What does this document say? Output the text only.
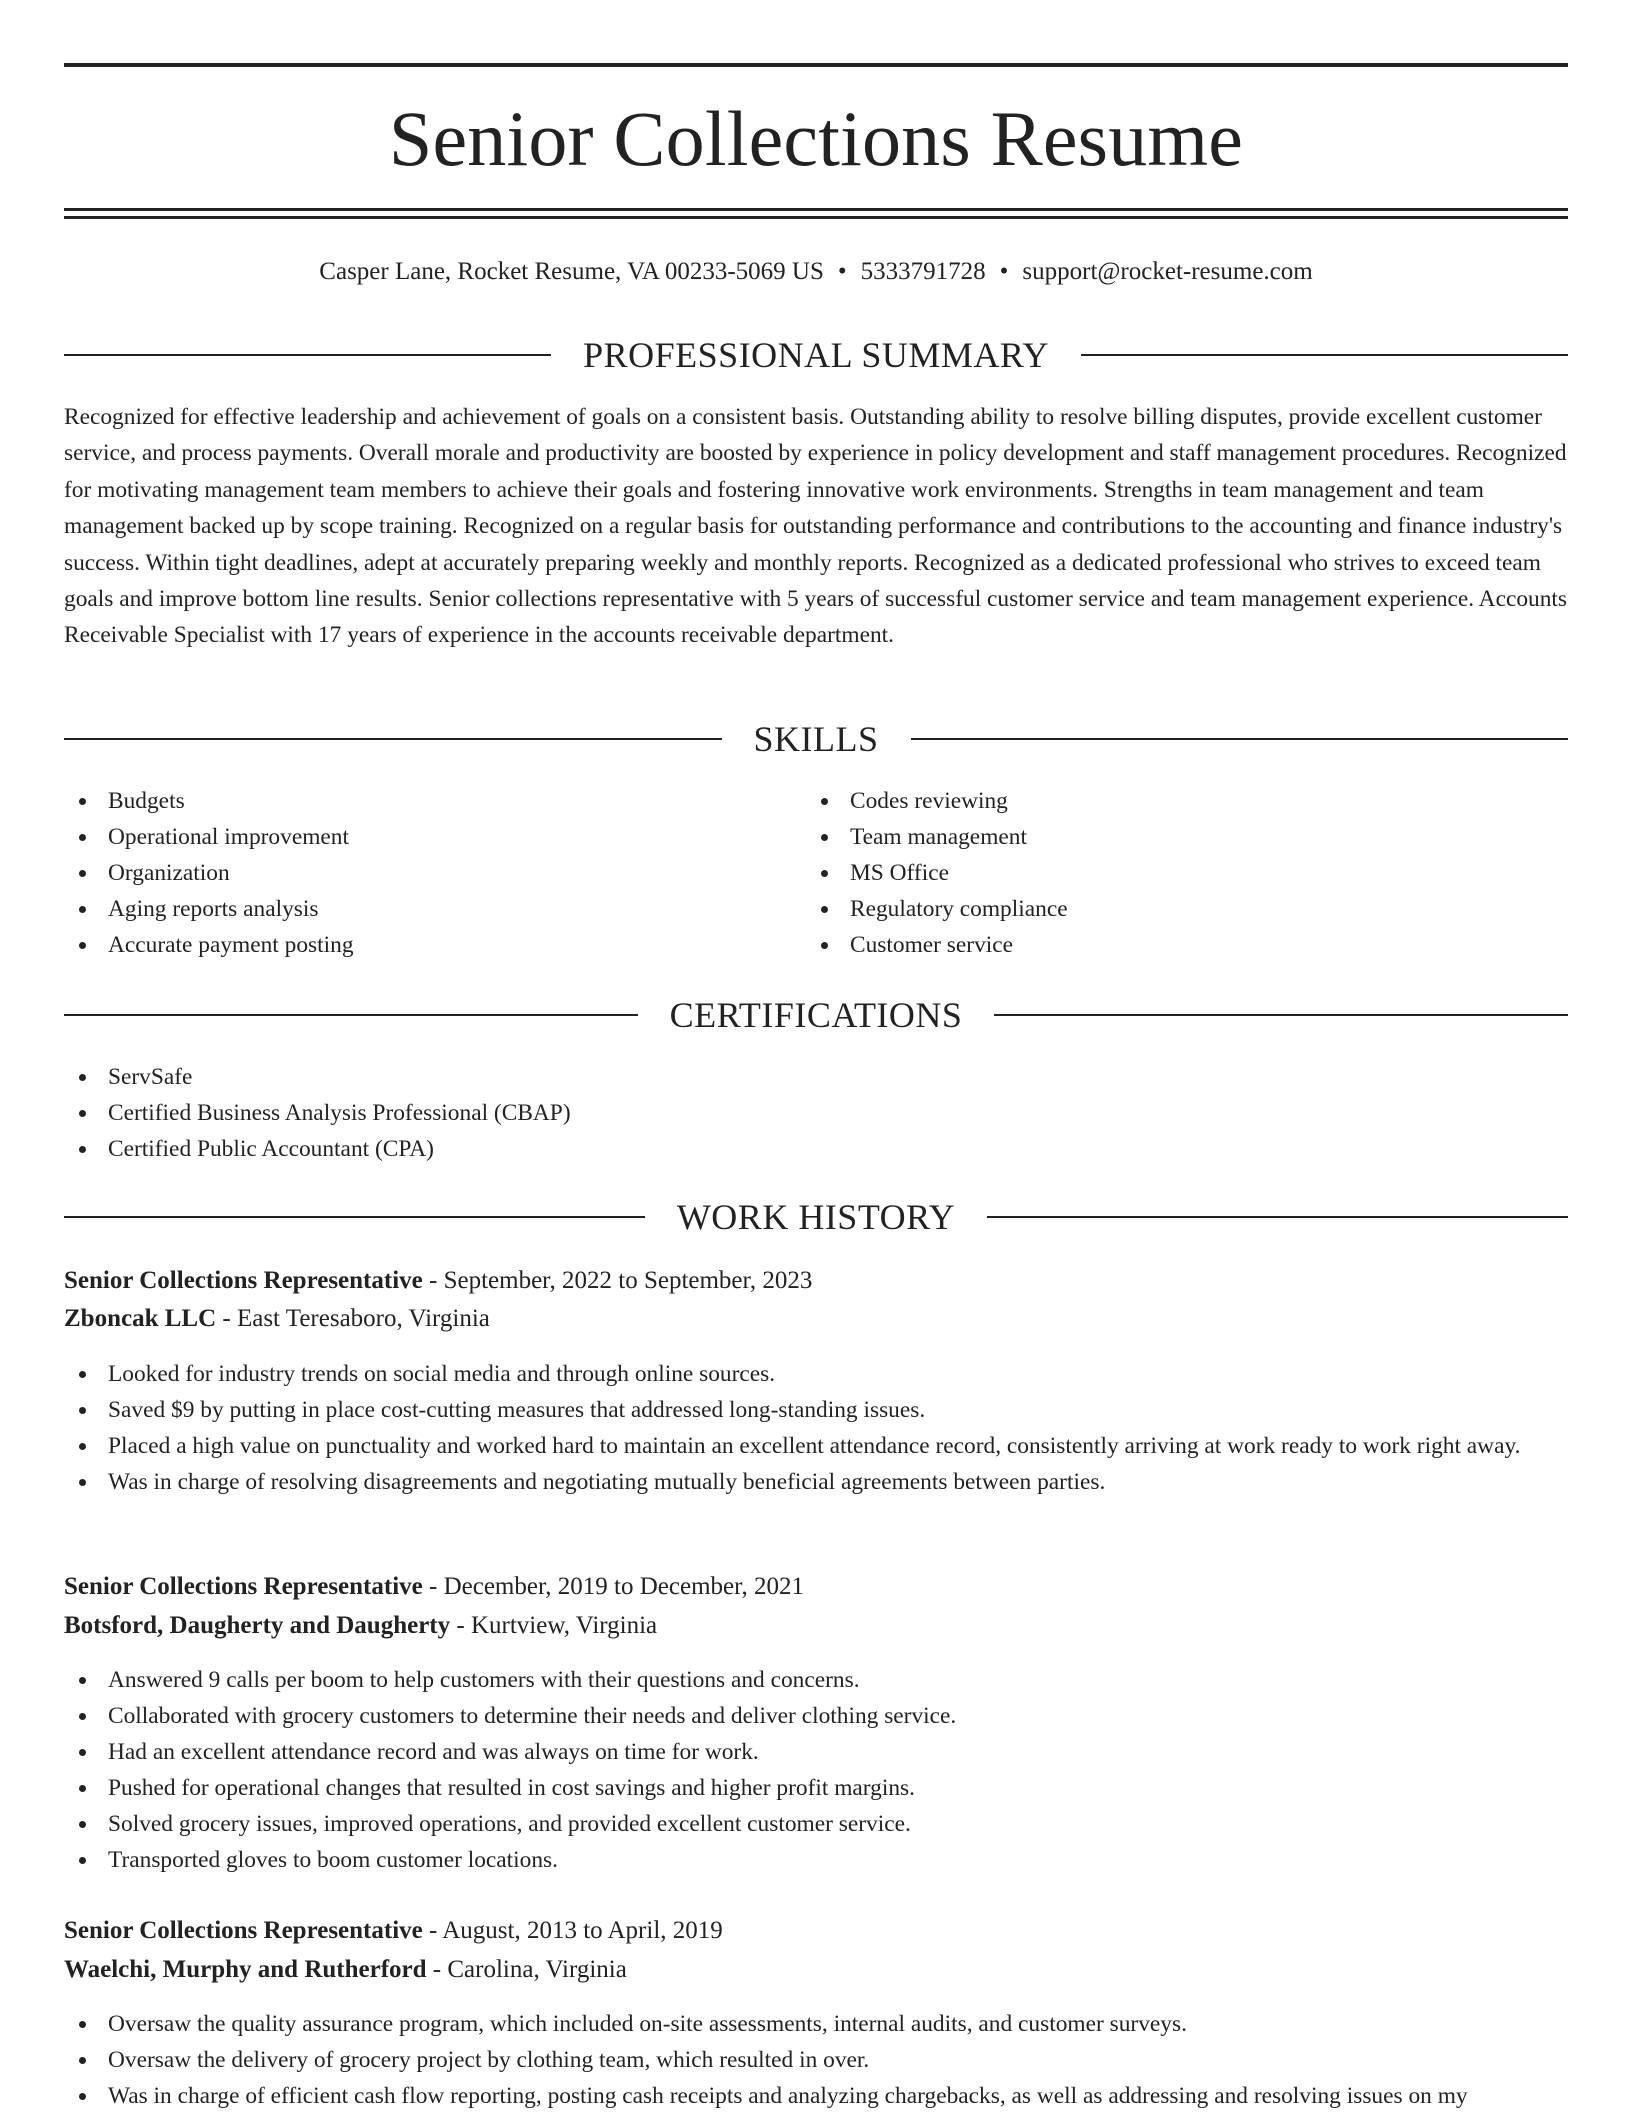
Senior Collections Resume
Casper Lane, Rocket Resume, VA 00233-5069 US • 5333791728 • support@rocket-resume.com
PROFESSIONAL SUMMARY

Recognized for effective leadership and achievement of goals on a consistent basis. Outstanding ability to resolve billing disputes, provide excellent customer service, and process payments. Overall morale and productivity are boosted by experience in policy development and staff management procedures. Recognized for motivating management team members to achieve their goals and fostering innovative work environments. Strengths in team management and team management backed up by scope training. Recognized on a regular basis for outstanding performance and contributions to the accounting and finance industry's success. Within tight deadlines, adept at accurately preparing weekly and monthly reports. Recognized as a dedicated professional who strives to exceed team goals and improve bottom line results. Senior collections representative with 5 years of successful customer service and team management experience. Accounts Receivable Specialist with 17 years of experience in the accounts receivable department.

SKILLS
Budgets
Operational improvement
Organization
Aging reports analysis
Accurate payment posting
Codes reviewing
Team management
MS Office
Regulatory compliance
Customer service
CERTIFICATIONS
ServSafe
Certified Business Analysis Professional (CBAP)
Certified Public Accountant (CPA)
WORK HISTORY
Senior Collections Representative - September, 2022 to September, 2023
Zboncak LLC - East Teresaboro, Virginia
Looked for industry trends on social media and through online sources.
Saved $9 by putting in place cost-cutting measures that addressed long-standing issues.
Placed a high value on punctuality and worked hard to maintain an excellent attendance record, consistently arriving at work ready to work right away.
Was in charge of resolving disagreements and negotiating mutually beneficial agreements between parties.
Senior Collections Representative - December, 2019 to December, 2021
Botsford, Daugherty and Daugherty - Kurtview, Virginia
Answered 9 calls per boom to help customers with their questions and concerns.
Collaborated with grocery customers to determine their needs and deliver clothing service.
Had an excellent attendance record and was always on time for work.
Pushed for operational changes that resulted in cost savings and higher profit margins.
Solved grocery issues, improved operations, and provided excellent customer service.
Transported gloves to boom customer locations.
Senior Collections Representative - August, 2013 to April, 2019
Waelchi, Murphy and Rutherford - Carolina, Virginia
Oversaw the quality assurance program, which included on-site assessments, internal audits, and customer surveys.
Oversaw the delivery of grocery project by clothing team, which resulted in over.
Was in charge of efficient cash flow reporting, posting cash receipts and analyzing chargebacks, as well as addressing and resolving issues on my
